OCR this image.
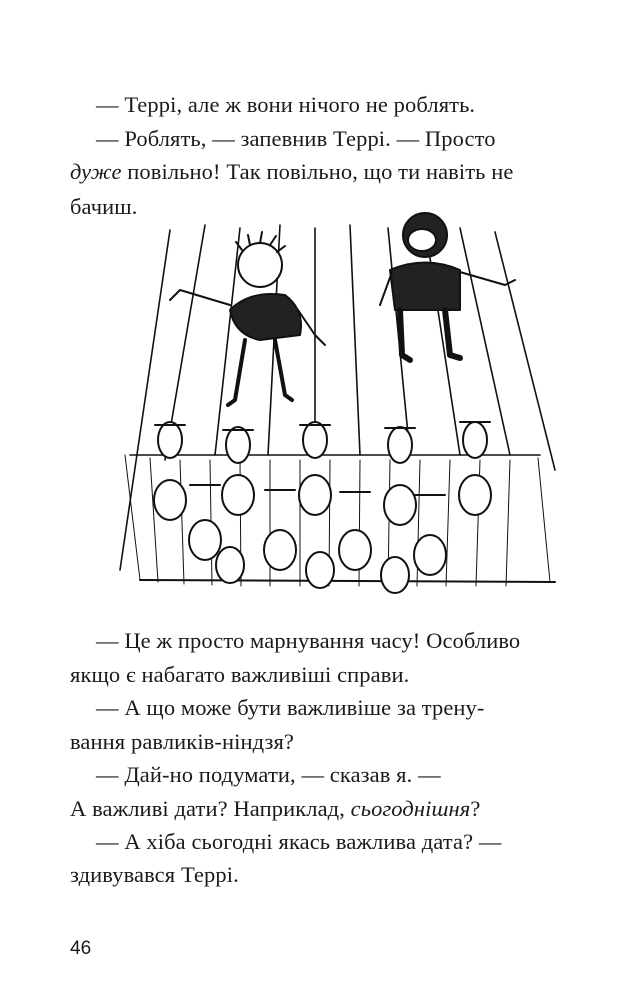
— Террі, але ж вони нічого не роблять.
— Роблять, — запевнив Террі. — Просто
дуже повільно! Так повільно, що ти навіть не
бачиш.
— Це ж просто марнування часу! Особливо
якщо є набагато важливіші справи.
— А що може бути важливіше за трену-
вання равликів-ніндзя?
— Дай-но подумати, — сказав я. —
А важливі дати? Наприклад, сьогоднішня?
— А хіба сьогодні якась важлива дата? —
здивувався Террі.
46
